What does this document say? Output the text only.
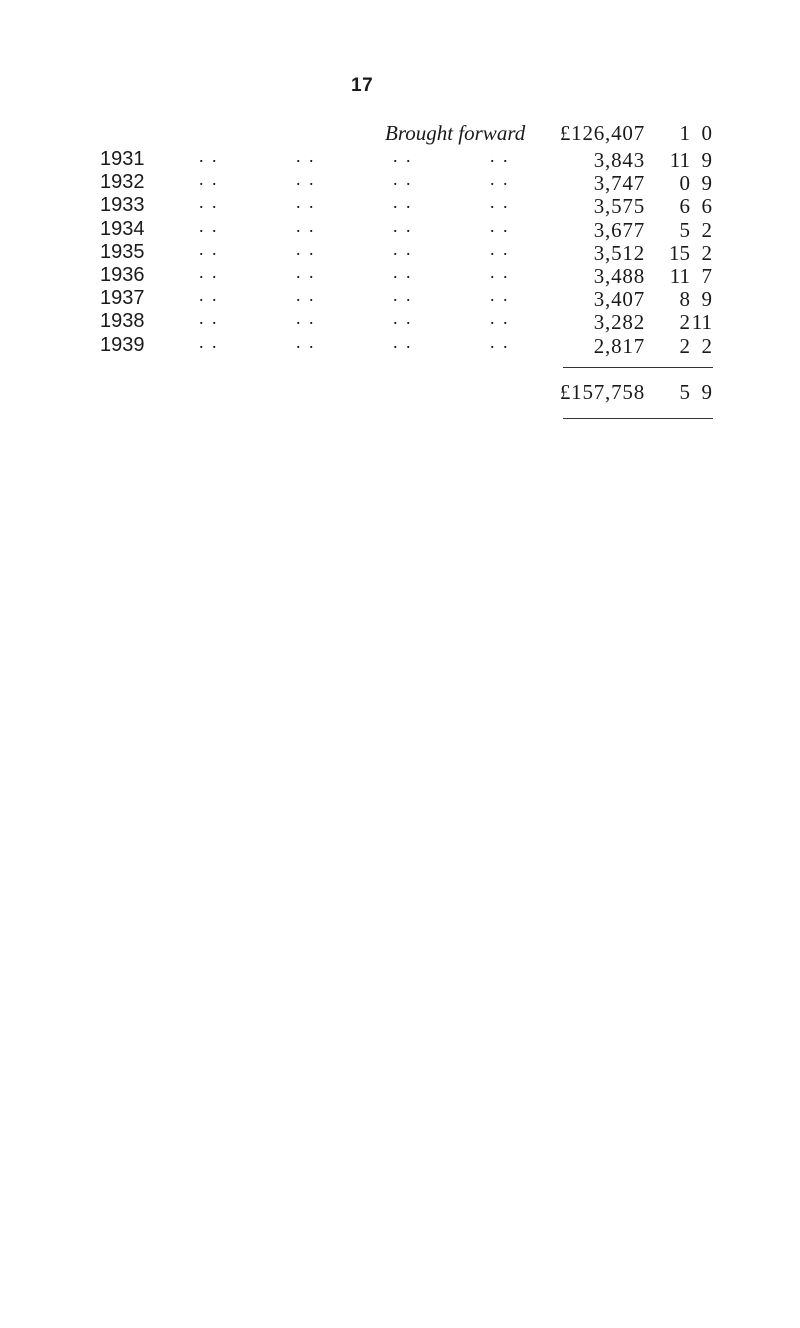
17
Brought forward £126,407 1 0
1931	. .	. .	. .	. .	3,843 11 9
1932	. .	. .	. .	. .	3,747 0 9
1933	. .	. .	. .	. .	3,575 6 6
1934	. .	. .	. .	. .	3,677 5 2
1935	. .	. .	. .	. .	3,512 15 2
1936	. .	. .	. .	. .	3,488 11 7
1937	. .	. .	. .	. .	3,407 8 9
1938	. .	. .	. .	. .	3,282 2 11
1939	. .	. .	. .	. .	2,817 2 2
£157,758 5 9
